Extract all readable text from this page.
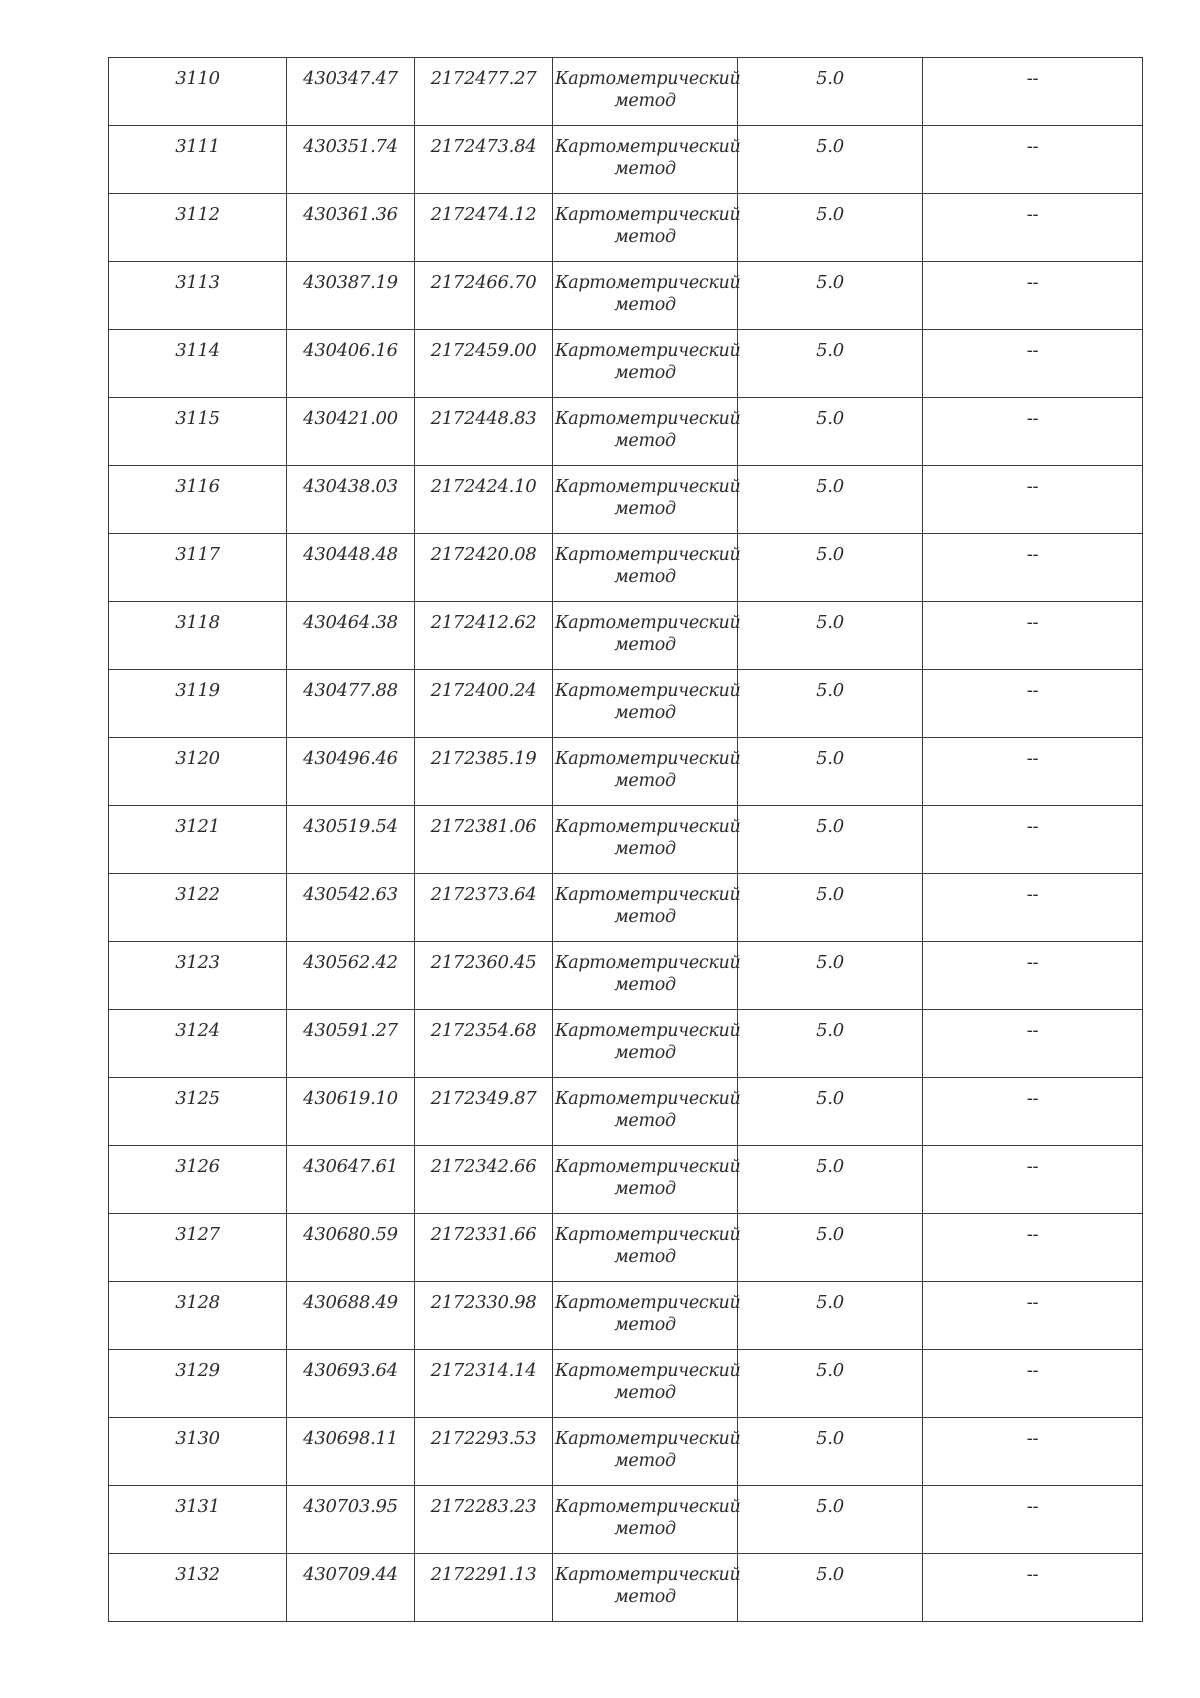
3110	430347.47	2172477.27	Картометрический метод	5.0	--
3111	430351.74	2172473.84	Картометрический метод	5.0	--
3112	430361.36	2172474.12	Картометрический метод	5.0	--
3113	430387.19	2172466.70	Картометрический метод	5.0	--
3114	430406.16	2172459.00	Картометрический метод	5.0	--
3115	430421.00	2172448.83	Картометрический метод	5.0	--
3116	430438.03	2172424.10	Картометрический метод	5.0	--
3117	430448.48	2172420.08	Картометрический метод	5.0	--
3118	430464.38	2172412.62	Картометрический метод	5.0	--
3119	430477.88	2172400.24	Картометрический метод	5.0	--
3120	430496.46	2172385.19	Картометрический метод	5.0	--
3121	430519.54	2172381.06	Картометрический метод	5.0	--
3122	430542.63	2172373.64	Картометрический метод	5.0	--
3123	430562.42	2172360.45	Картометрический метод	5.0	--
3124	430591.27	2172354.68	Картометрический метод	5.0	--
3125	430619.10	2172349.87	Картометрический метод	5.0	--
3126	430647.61	2172342.66	Картометрический метод	5.0	--
3127	430680.59	2172331.66	Картометрический метод	5.0	--
3128	430688.49	2172330.98	Картометрический метод	5.0	--
3129	430693.64	2172314.14	Картометрический метод	5.0	--
3130	430698.11	2172293.53	Картометрический метод	5.0	--
3131	430703.95	2172283.23	Картометрический метод	5.0	--
3132	430709.44	2172291.13	Картометрический метод	5.0	--
